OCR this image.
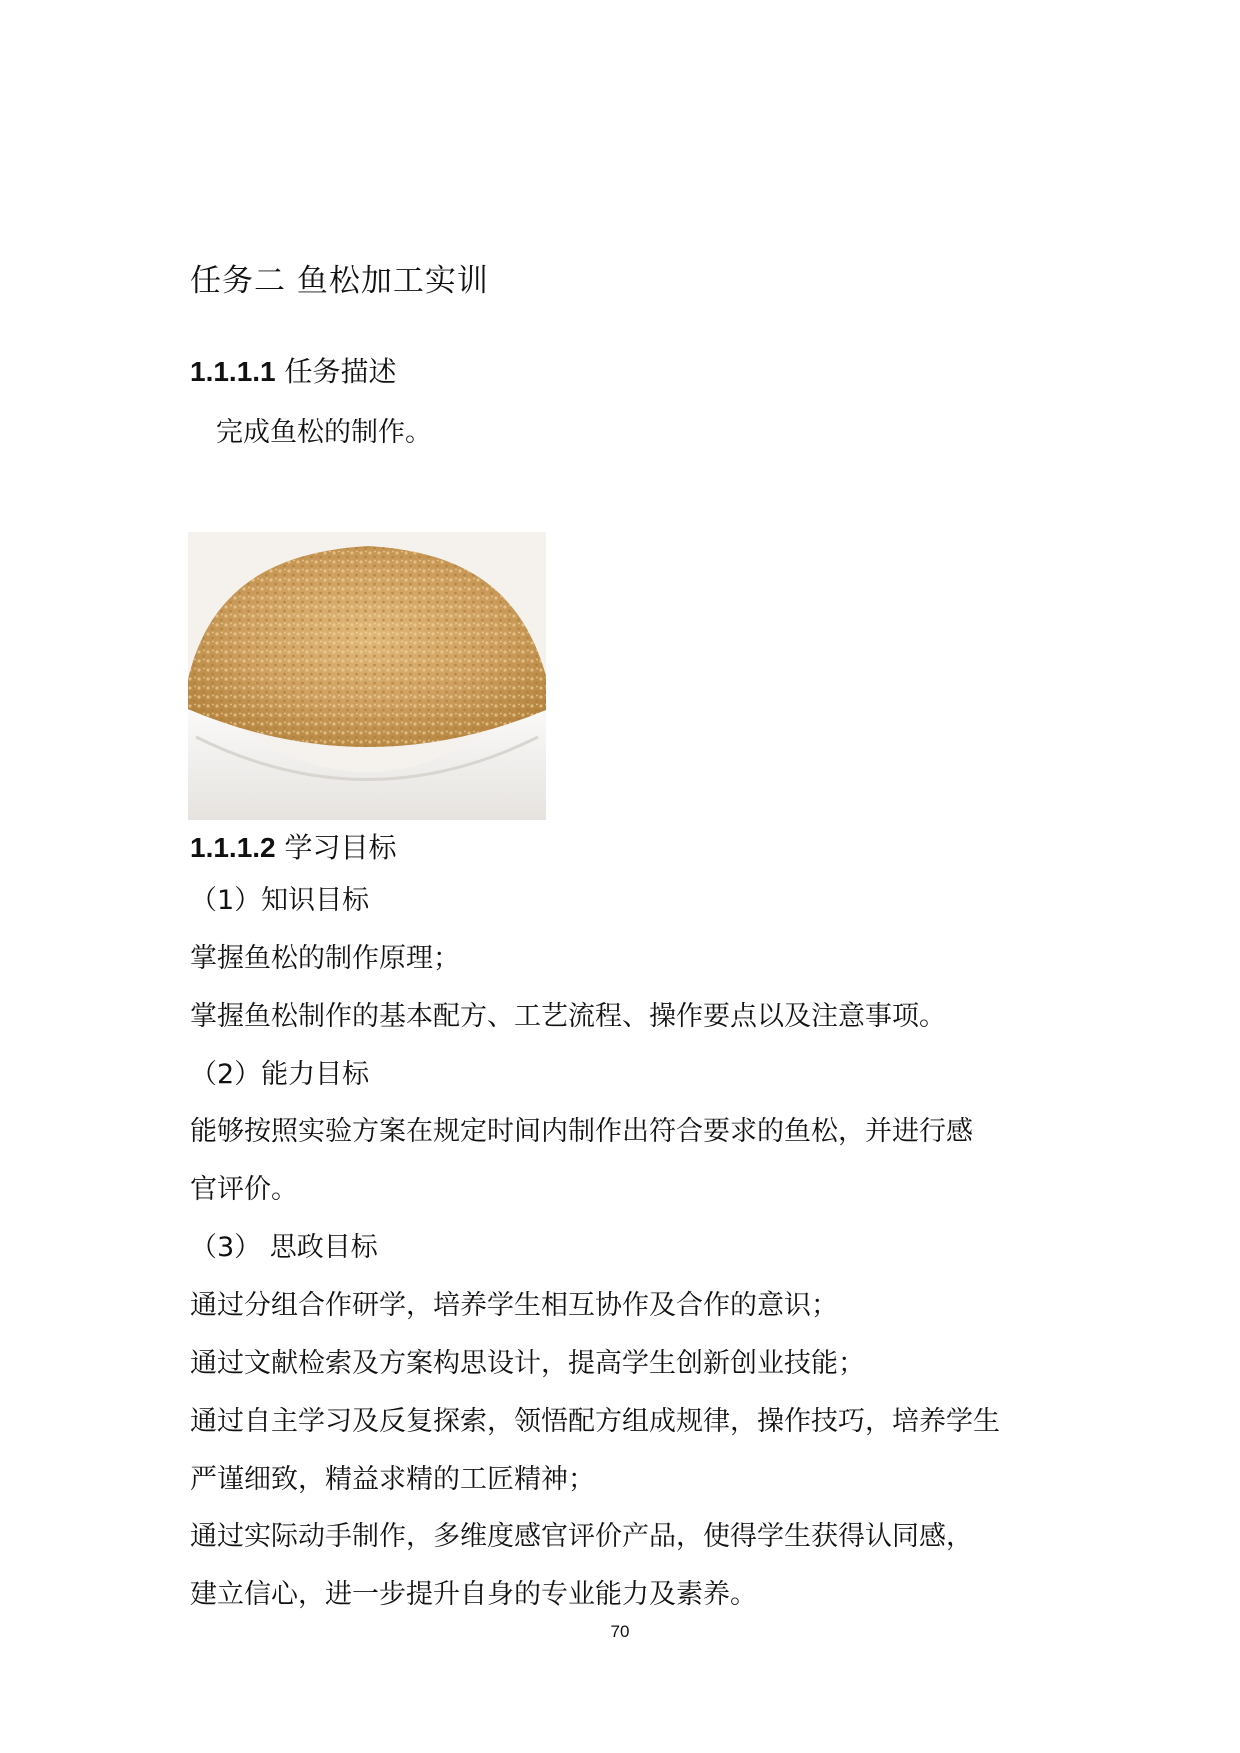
任务二 鱼松加工实训
1.1.1.1 任务描述
完成鱼松的制作。
1.1.1.2 学习目标
（1）知识目标
掌握鱼松的制作原理；
掌握鱼松制作的基本配方、工艺流程、操作要点以及注意事项。
（2）能力目标
能够按照实验方案在规定时间内制作出符合要求的鱼松，并进行感
官评价。
（3） 思政目标
通过分组合作研学，培养学生相互协作及合作的意识；
通过文献检索及方案构思设计，提高学生创新创业技能；
通过自主学习及反复探索，领悟配方组成规律，操作技巧，培养学生
严谨细致，精益求精的工匠精神；
通过实际动手制作，多维度感官评价产品，使得学生获得认同感，
建立信心，进一步提升自身的专业能力及素养。
70
